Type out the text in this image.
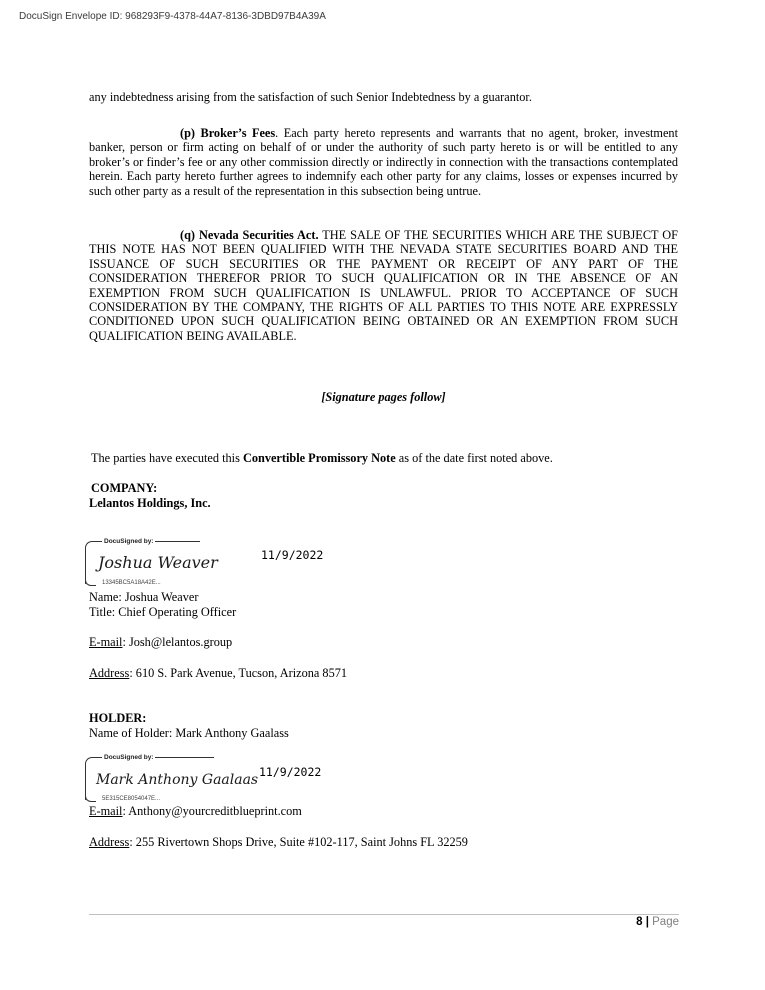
DocuSign Envelope ID: 968293F9-4378-44A7-8136-3DBD97B4A39A
any indebtedness arising from the satisfaction of such Senior Indebtedness by a guarantor.

(p) Broker’s Fees. Each party hereto represents and warrants that no agent, broker, investment banker, person or firm acting on behalf of or under the authority of such party hereto is or will be entitled to any broker’s or finder’s fee or any other commission directly or indirectly in connection with the transactions contemplated herein. Each party hereto further agrees to indemnify each other party for any claims, losses or expenses incurred by such other party as a result of the representation in this subsection being untrue.

(q) Nevada Securities Act. THE SALE OF THE SECURITIES WHICH ARE THE SUBJECT OF THIS NOTE HAS NOT BEEN QUALIFIED WITH THE NEVADA STATE SECURITIES BOARD AND THE ISSUANCE OF SUCH SECURITIES OR THE PAYMENT OR RECEIPT OF ANY PART OF THE CONSIDERATION THEREFOR PRIOR TO SUCH QUALIFICATION OR IN THE ABSENCE OF AN EXEMPTION FROM SUCH QUALIFICATION IS UNLAWFUL. PRIOR TO ACCEPTANCE OF SUCH CONSIDERATION BY THE COMPANY, THE RIGHTS OF ALL PARTIES TO THIS NOTE ARE EXPRESSLY CONDITIONED UPON SUCH QUALIFICATION BEING OBTAINED OR AN EXEMPTION FROM SUCH QUALIFICATION BEING AVAILABLE.

[Signature pages follow]
The parties have executed this Convertible Promissory Note as of the date first noted above.
COMPANY:
Lelantos Holdings, Inc.
DocuSigned by:
Joshua Weaver
13345BC5A18A42E...
11/9/2022
Name: Joshua Weaver
Title: Chief Operating Officer
E-mail: Josh@lelantos.group
Address: 610 S. Park Avenue, Tucson, Arizona 8571
HOLDER:
Name of Holder: Mark Anthony Gaalass
DocuSigned by:
Mark Anthony Gaalaas
5E315CE8054047E...
11/9/2022
E-mail: Anthony@yourcreditblueprint.com
Address: 255 Rivertown Shops Drive, Suite #102-117, Saint Johns FL 32259
8 | Page
